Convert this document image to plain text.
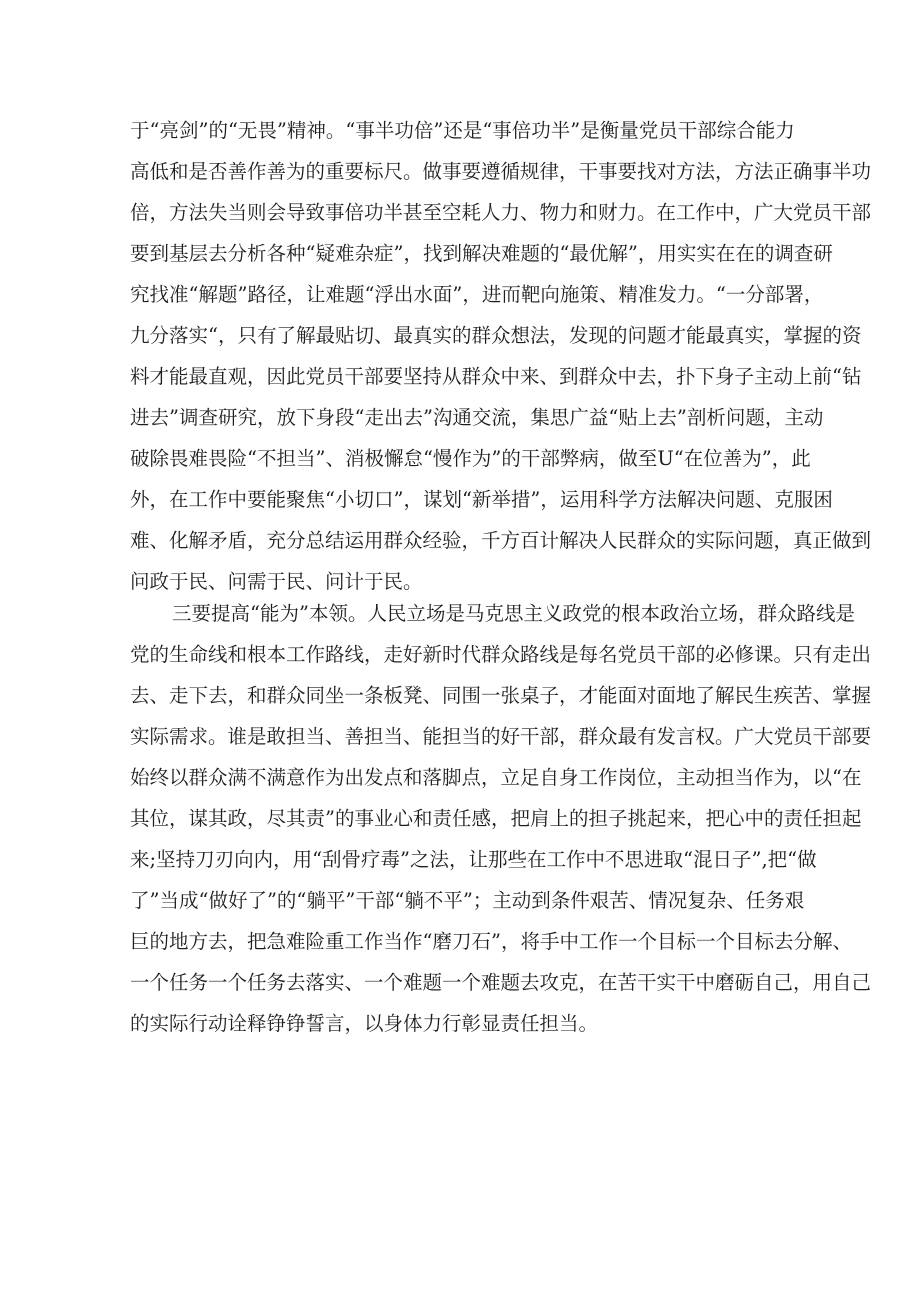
于“亮剑”的“无畏”精神。“事半功倍”还是“事倍功半”是衡量党员干部综合能力
高低和是否善作善为的重要标尺。做事要遵循规律，干事要找对方法，方法正确事半功
倍，方法失当则会导致事倍功半甚至空耗人力、物力和财力。在工作中，广大党员干部
要到基层去分析各种“疑难杂症”，找到解决难题的“最优解”，用实实在在的调查研
究找准“解题”路径，让难题“浮出水面”，进而靶向施策、精准发力。“一分部署，
九分落实“，只有了解最贴切、最真实的群众想法，发现的问题才能最真实，掌握的资
料才能最直观，因此党员干部要坚持从群众中来、到群众中去，扑下身子主动上前“钻
进去”调查研究，放下身段“走出去”沟通交流，集思广益“贴上去”剖析问题，主动
破除畏难畏险“不担当”、消极懈怠“慢作为”的干部弊病，做至U“在位善为”，此
外，在工作中要能聚焦“小切口”，谋划“新举措”，运用科学方法解决问题、克服困
难、化解矛盾，充分总结运用群众经验，千方百计解决人民群众的实际问题，真正做到
问政于民、问需于民、问计于民。
三要提高“能为”本领。人民立场是马克思主义政党的根本政治立场，群众路线是
党的生命线和根本工作路线，走好新时代群众路线是每名党员干部的必修课。只有走出
去、走下去，和群众同坐一条板凳、同围一张桌子，才能面对面地了解民生疾苦、掌握
实际需求。谁是敢担当、善担当、能担当的好干部，群众最有发言权。广大党员干部要
始终以群众满不满意作为出发点和落脚点，立足自身工作岗位，主动担当作为，以“在
其位，谋其政，尽其责”的事业心和责任感，把肩上的担子挑起来，把心中的责任担起
来;坚持刀刃向内，用“刮骨疗毒”之法，让那些在工作中不思进取“混日子”,把“做
了”当成“做好了”的“躺平”干部“躺不平”；主动到条件艰苦、情况复杂、任务艰
巨的地方去，把急难险重工作当作“磨刀石”，将手中工作一个目标一个目标去分解、
一个任务一个任务去落实、一个难题一个难题去攻克，在苦干实干中磨砺自己，用自己
的实际行动诠释铮铮誓言，以身体力行彰显责任担当。
